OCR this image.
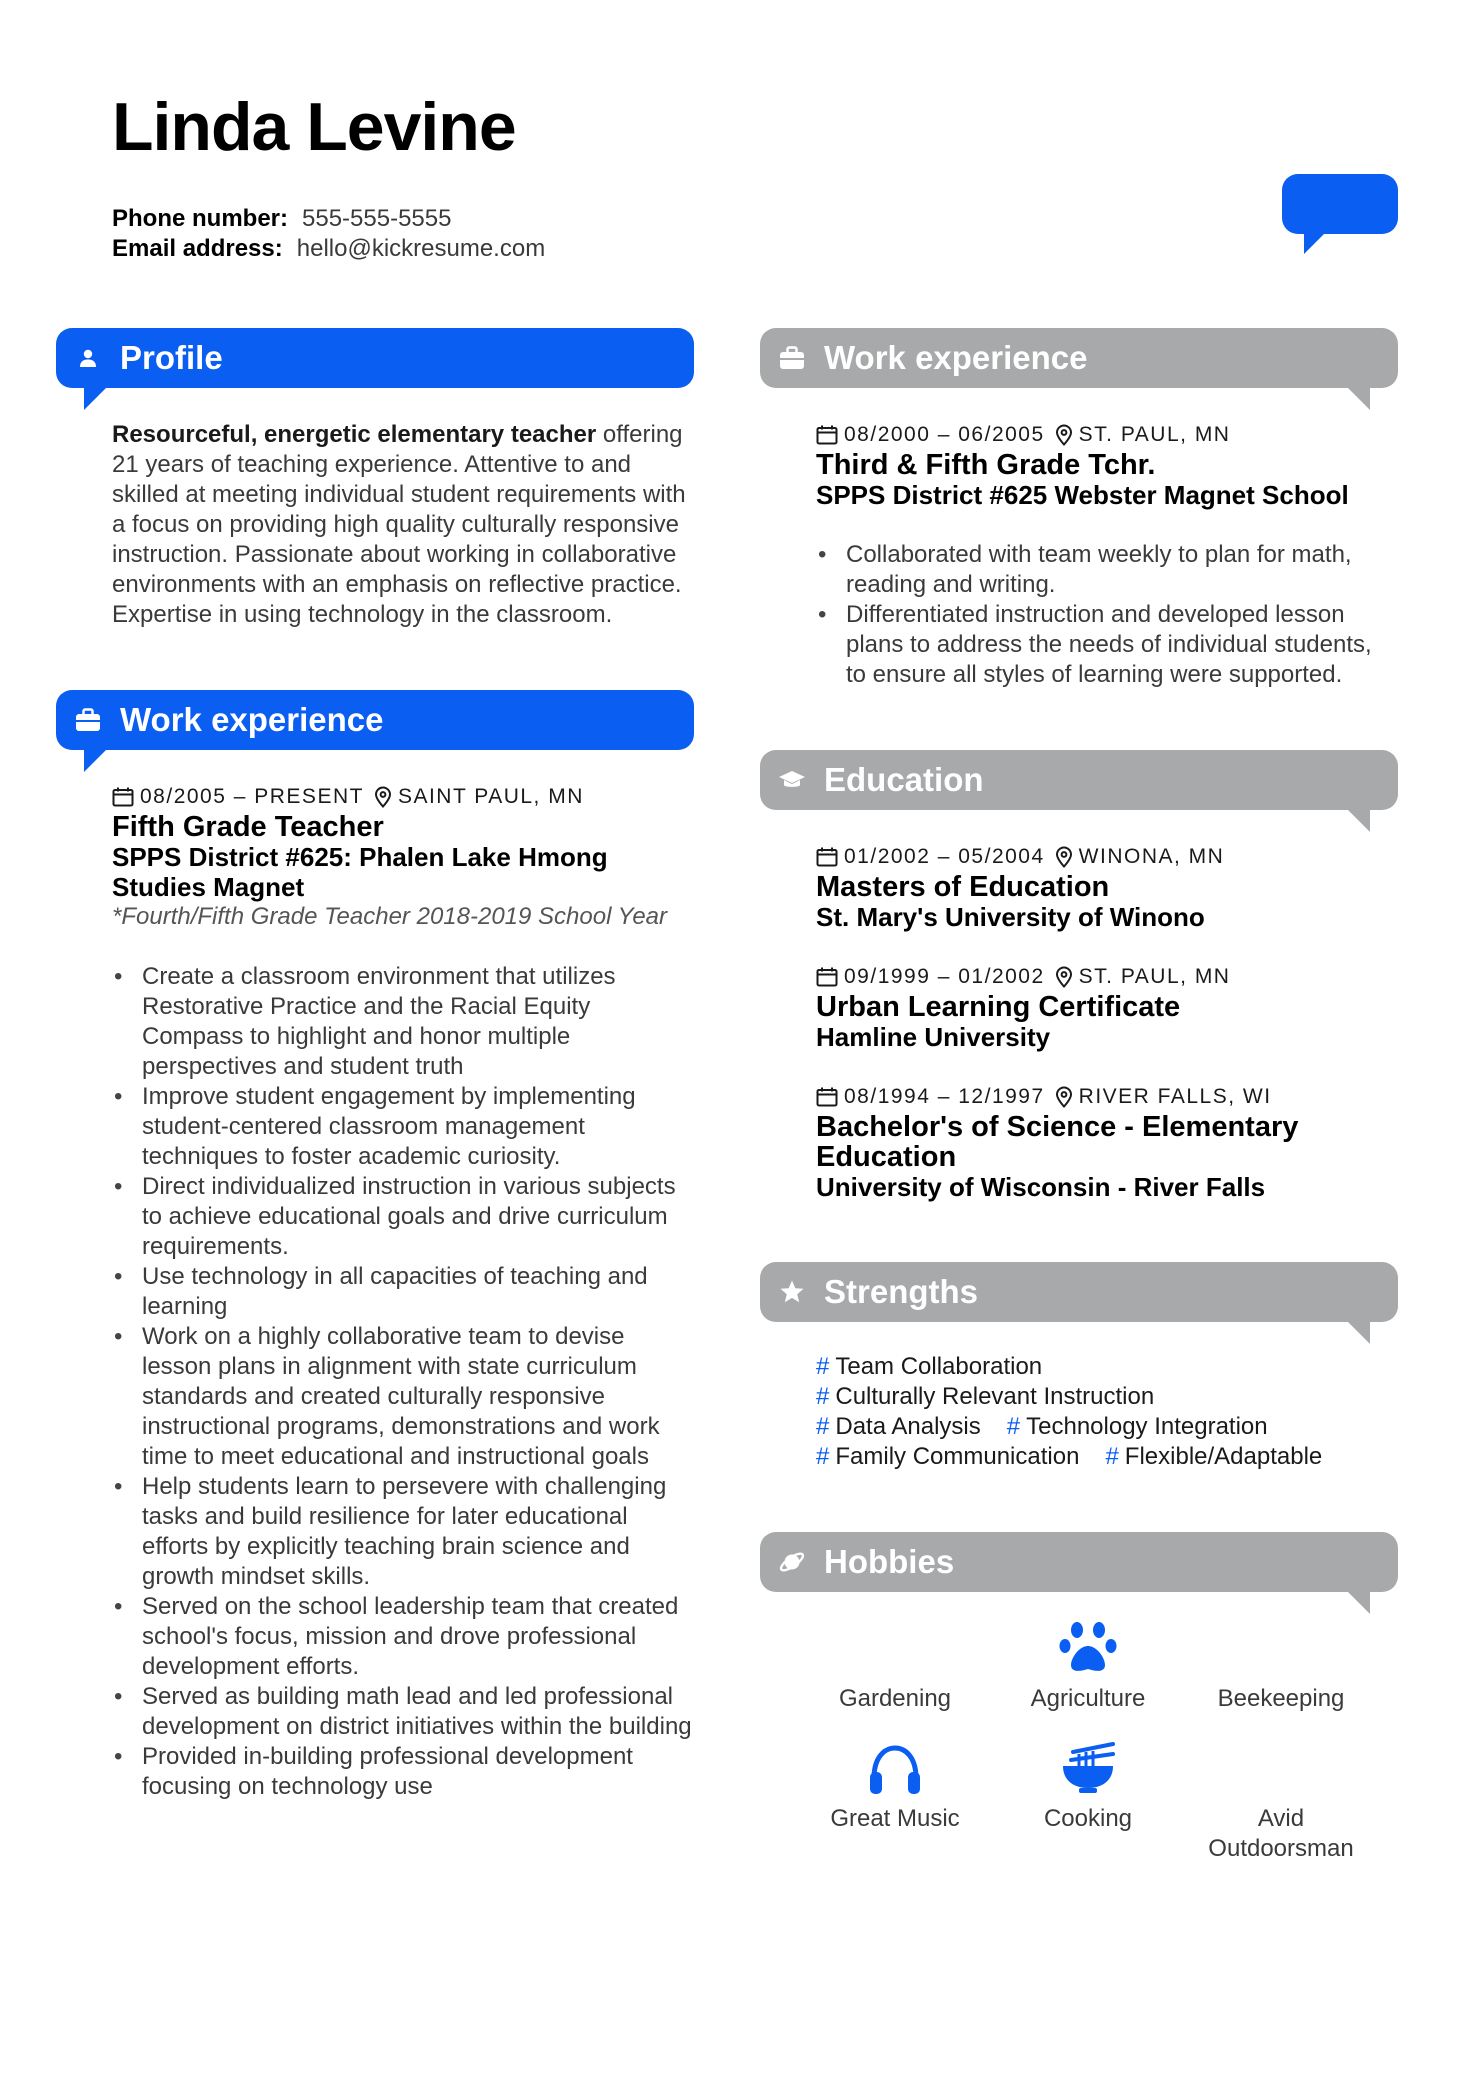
Linda Levine
Phone number: 555-555-5555
Email address: hello@kickresume.com
Profile
Resourceful, energetic elementary teacher offering 21 years of teaching experience. Attentive to and skilled at meeting individual student requirements with a focus on providing high quality culturally responsive instruction. Passionate about working in collaborative environments with an emphasis on reflective practice. Expertise in using technology in the classroom.
Work experience
08/2005 – PRESENT SAINT PAUL, MN
Fifth Grade Teacher
SPPS District #625: Phalen Lake Hmong Studies Magnet
*Fourth/Fifth Grade Teacher 2018-2019 School Year
• Create a classroom environment that utilizes Restorative Practice and the Racial Equity Compass to highlight and honor multiple perspectives and student truth
• Improve student engagement by implementing student-centered classroom management techniques to foster academic curiosity.
• Direct individualized instruction in various subjects to achieve educational goals and drive curriculum requirements.
• Use technology in all capacities of teaching and learning
• Work on a highly collaborative team to devise lesson plans in alignment with state curriculum standards and created culturally responsive instructional programs, demonstrations and work time to meet educational and instructional goals
• Help students learn to persevere with challenging tasks and build resilience for later educational efforts by explicitly teaching brain science and growth mindset skills.
• Served on the school leadership team that created school's focus, mission and drove professional development efforts.
• Served as building math lead and led professional development on district initiatives within the building
• Provided in-building professional development focusing on technology use
Work experience
08/2000 – 06/2005 ST. PAUL, MN
Third & Fifth Grade Tchr.
SPPS District #625 Webster Magnet School
• Collaborated with team weekly to plan for math, reading and writing.
• Differentiated instruction and developed lesson plans to address the needs of individual students, to ensure all styles of learning were supported.
Education
01/2002 – 05/2004 WINONA, MN
Masters of Education
St. Mary's University of Winono
09/1999 – 01/2002 ST. PAUL, MN
Urban Learning Certificate
Hamline University
08/1994 – 12/1997 RIVER FALLS, WI
Bachelor's of Science - Elementary Education
University of Wisconsin - River Falls
Strengths
# Team Collaboration
# Culturally Relevant Instruction
# Data Analysis # Technology Integration
# Family Communication # Flexible/Adaptable
Hobbies
Gardening	Agriculture	Beekeeping
Great Music	Cooking	Avid Outdoorsman
